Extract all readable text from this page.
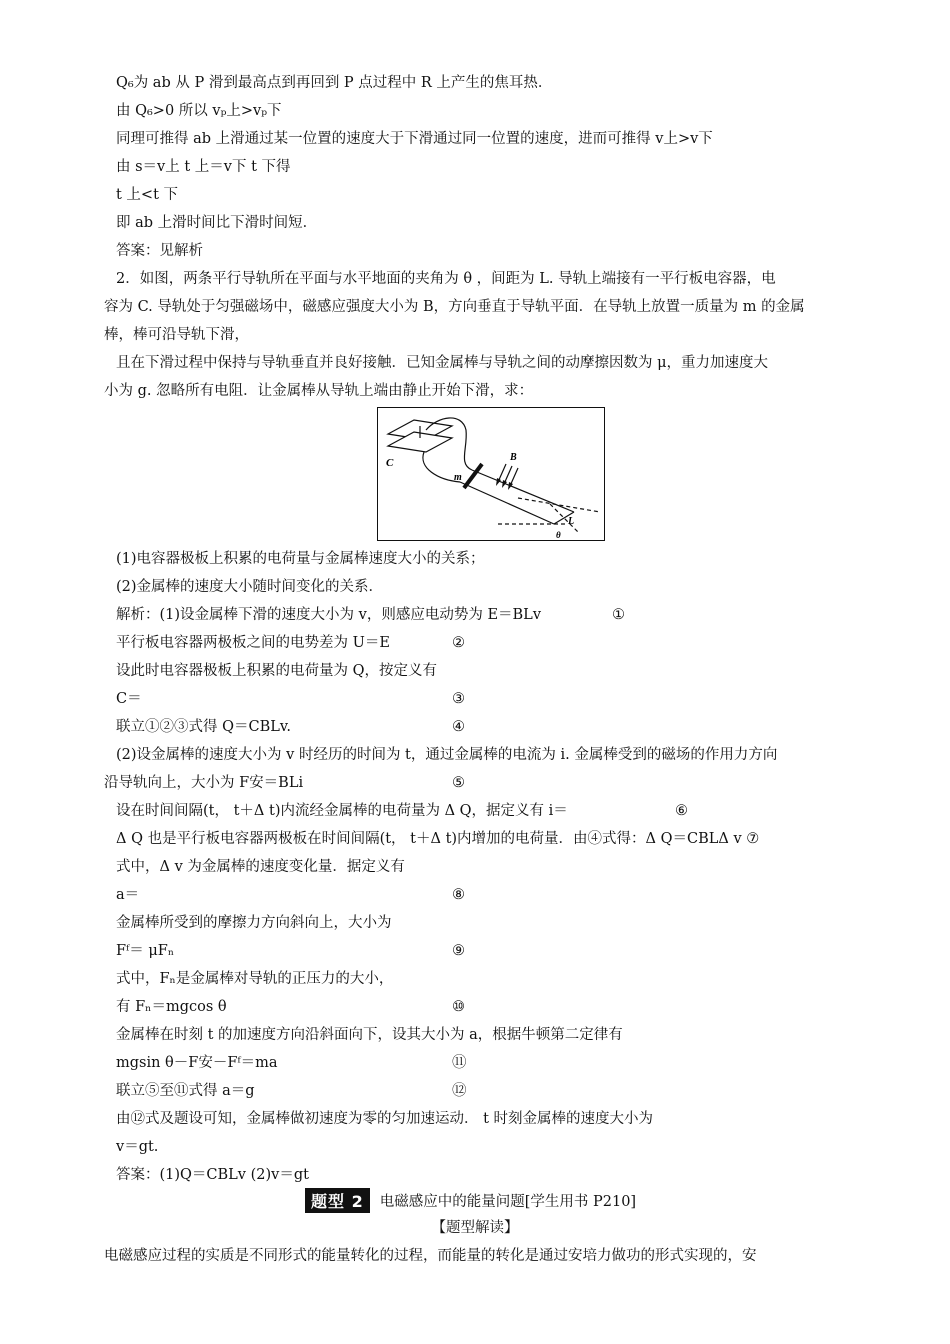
Q₆为 ab 从 P 滑到最高点到再回到 P 点过程中 R 上产生的焦耳热．
由 Q₆>0 所以 vₚ上>vₚ下
同理可推得 ab 上滑通过某一位置的速度大于下滑通过同一位置的速度，进而可推得 v上>v下
由 s＝v上 t 上＝v下 t 下得
t 上<t 下
即 ab 上滑时间比下滑时间短．
答案：见解析
2．如图，两条平行导轨所在平面与水平地面的夹角为 θ ，间距为 L. 导轨上端接有一平行板电容器，电
容为 C. 导轨处于匀强磁场中，磁感应强度大小为 B，方向垂直于导轨平面．在导轨上放置一质量为 m 的金属
棒，棒可沿导轨下滑，
且在下滑过程中保持与导轨垂直并良好接触．已知金属棒与导轨之间的动摩擦因数为 μ，重力加速度大
小为 g. 忽略所有电阻．让金属棒从导轨上端由静止开始下滑，求：
C
m
B
L
θ
(1)电容器极板上积累的电荷量与金属棒速度大小的关系；
(2)金属棒的速度大小随时间变化的关系．
解析：(1)设金属棒下滑的速度大小为 v，则感应电动势为 E＝BLv
平行板电容器两极板之间的电势差为 U＝E
设此时电容器极板上积累的电荷量为 Q，按定义有
C＝
联立①②③式得 Q＝CBLv.
(2)设金属棒的速度大小为 v 时经历的时间为 t，通过金属棒的电流为 i. 金属棒受到的磁场的作用力方向
沿导轨向上，大小为 F安＝BLi
设在时间间隔(t， t＋Δ t)内流经金属棒的电荷量为 Δ Q，据定义有 i＝
Δ Q 也是平行板电容器两极板在时间间隔(t， t＋Δ t)内增加的电荷量．由④式得：Δ Q＝CBLΔ v ⑦
式中，Δ v 为金属棒的速度变化量．据定义有
a＝
金属棒所受到的摩擦力方向斜向上，大小为
Fᶠ＝ μFₙ
式中，Fₙ是金属棒对导轨的正压力的大小，
有 Fₙ＝mgcos θ
金属棒在时刻 t 的加速度方向沿斜面向下，设其大小为 a，根据牛顿第二定律有
mgsin θ－F安－Fᶠ＝ma
联立⑤至⑪式得 a＝g
由⑫式及题设可知，金属棒做初速度为零的匀加速运动． t 时刻金属棒的速度大小为
v＝gt.
答案：(1)Q＝CBLv (2)v＝gt
①
②
③
④
⑤
⑥
⑧
⑨
⑩
⑪
⑫
题型 2	电磁感应中的能量问题[学生用书 P210]
【题型解读】
电磁感应过程的实质是不同形式的能量转化的过程，而能量的转化是通过安培力做功的形式实现的，安
